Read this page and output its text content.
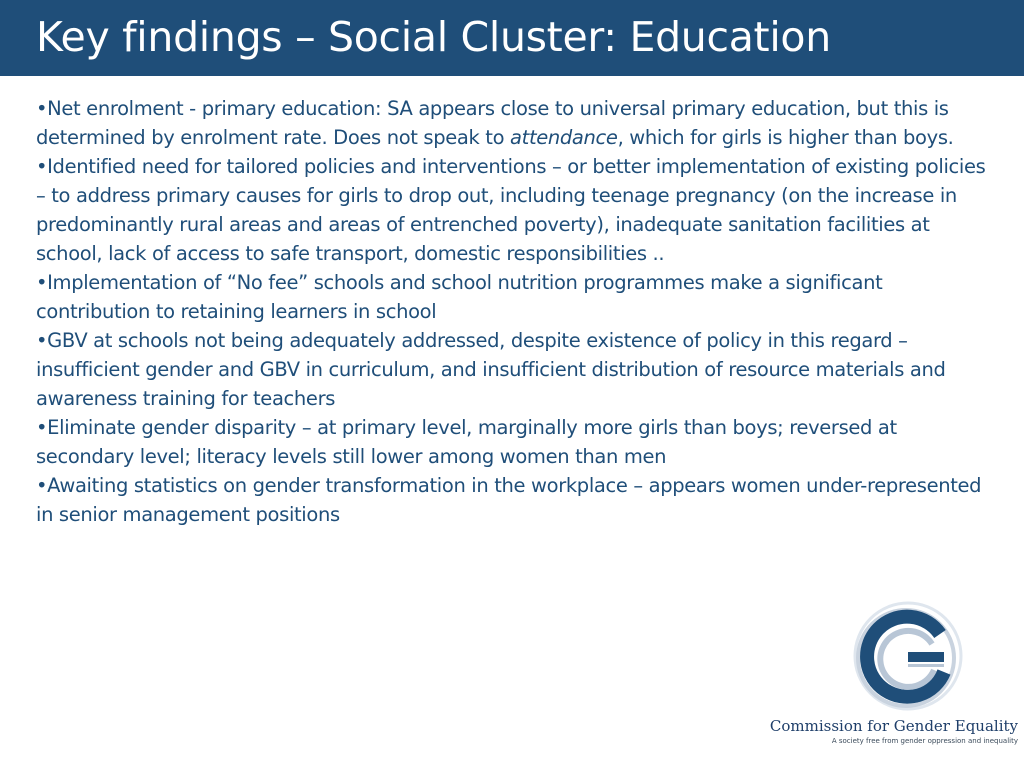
Key findings – Social Cluster: Education

•Net enrolment - primary education: SA appears close to universal primary education, but this is determined by enrolment rate. Does not speak to attendance, which for girls is higher than boys.

•Identified need for tailored policies and interventions – or better implementation of existing policies – to address primary causes for girls to drop out, including teenage pregnancy (on the increase in predominantly rural areas and areas of entrenched poverty), inadequate sanitation facilities at school, lack of access to safe transport, domestic responsibilities ..

•Implementation of “No fee” schools and school nutrition programmes make a significant contribution to retaining learners in school

•GBV at schools not being adequately addressed, despite existence of policy in this regard – insufficient gender and GBV in curriculum, and insufficient distribution of resource materials and awareness training for teachers

•Eliminate gender disparity – at primary level, marginally more girls than boys; reversed at secondary level; literacy levels still lower among women than men

•Awaiting statistics on gender transformation in the workplace – appears women under-represented in senior management positions

Commission for Gender Equality
A society free from gender oppression and inequality
